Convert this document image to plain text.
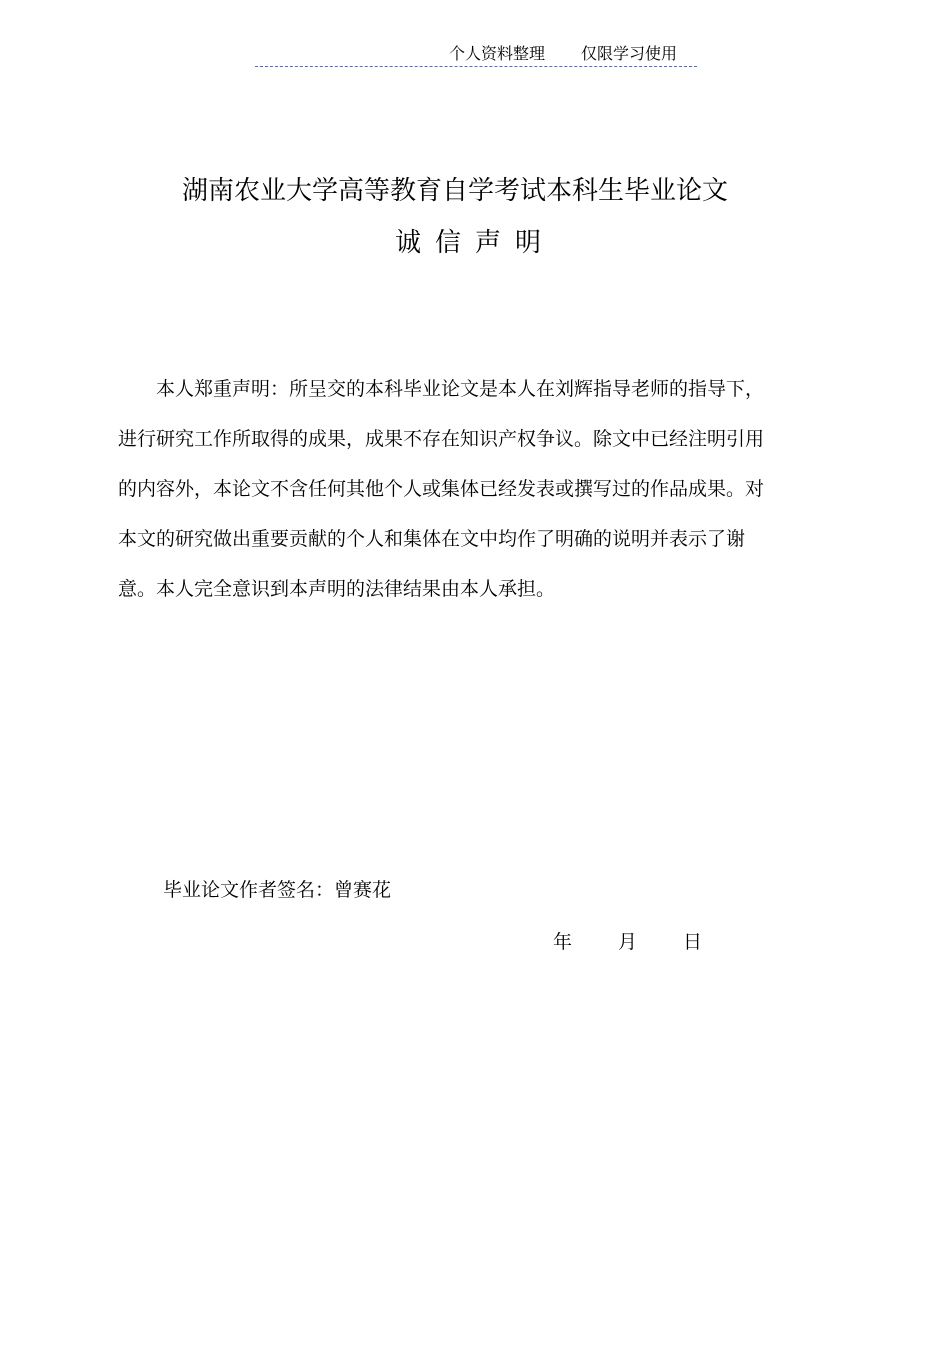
个人资料整理 仅限学习使用
湖南农业大学高等教育自学考试本科生毕业论文
诚信声明

本人郑重声明：所呈交的本科毕业论文是本人在刘辉指导老师的指导下，进行研究工作所取得的成果，成果不存在知识产权争议。除文中已经注明引用的内容外，本论文不含任何其他个人或集体已经发表或撰写过的作品成果。对本文的研究做出重要贡献的个人和集体在文中均作了明确的说明并表示了谢意。本人完全意识到本声明的法律结果由本人承担。

毕业论文作者签名：曾赛花
年 月 日
